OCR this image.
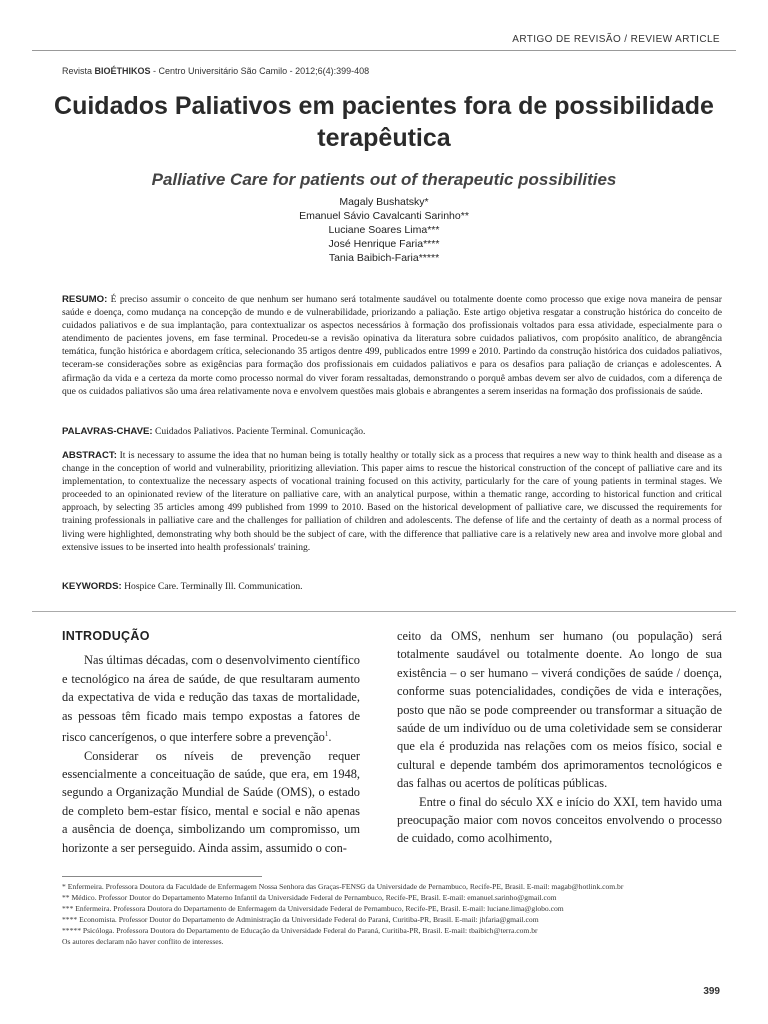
ARTIGO DE REVISÃO / REVIEW ARTICLE
Revista BIOÉTHIKOS - Centro Universitário São Camilo - 2012;6(4):399-408
Cuidados Paliativos em pacientes fora de possibilidade terapêutica
Palliative Care for patients out of therapeutic possibilities
Magaly Bushatsky*
Emanuel Sávio Cavalcanti Sarinho**
Luciane Soares Lima***
José Henrique Faria****
Tania Baibich-Faria*****
RESUMO: É preciso assumir o conceito de que nenhum ser humano será totalmente saudável ou totalmente doente como processo que exige nova maneira de pensar saúde e doença, como mudança na concepção de mundo e de vulnerabilidade, priorizando a paliação. Este artigo objetiva resgatar a construção histórica do conceito de cuidados paliativos e de sua implantação, para contextualizar os aspectos necessários à formação dos profissionais voltados para essa atividade, especialmente para o atendimento de pacientes jovens, em fase terminal. Procedeu-se a revisão opinativa da literatura sobre cuidados paliativos, com propósito analítico, de abrangência temática, função histórica e abordagem crítica, selecionando 35 artigos dentre 499, publicados entre 1999 e 2010. Partindo da construção histórica dos cuidados paliativos, teceram-se considerações sobre as exigências para formação dos profissionais em cuidados paliativos e para os desafios para paliação de crianças e adolescentes. A afirmação da vida e a certeza da morte como processo normal do viver foram ressaltadas, demonstrando o porquê ambas devem ser alvo de cuidados, com a diferença de que os cuidados paliativos são uma área relativamente nova e envolvem questões mais globais e abrangentes a serem inseridas na formação dos profissionais de saúde.
PALAVRAS-CHAVE: Cuidados Paliativos. Paciente Terminal. Comunicação.
ABSTRACT: It is necessary to assume the idea that no human being is totally healthy or totally sick as a process that requires a new way to think health and disease as a change in the conception of world and vulnerability, prioritizing alleviation. This paper aims to rescue the historical construction of the concept of palliative care and its implementation, to contextualize the necessary aspects of vocational training focused on this activity, particularly for the care of young patients in terminal stages. We proceeded to an opinionated review of the literature on palliative care, with an analytical purpose, within a thematic range, according to historical function and critical approach, by selecting 35 articles among 499 published from 1999 to 2010. Based on the historical development of palliative care, we discussed the requirements for training professionals in palliative care and the challenges for palliation of children and adolescents. The defense of life and the certainty of death as a normal process of living were highlighted, demonstrating why both should be the subject of care, with the difference that palliative care is a relatively new area and involve more global and extensive issues to be inserted into health professionals' training.
KEYWORDS: Hospice Care. Terminally Ill. Communication.
INTRODUÇÃO

Nas últimas décadas, com o desenvolvimento científico e tecnológico na área de saúde, de que resultaram aumento da expectativa de vida e redução das taxas de mortalidade, as pessoas têm ficado mais tempo expostas a fatores de risco cancerígenos, o que interfere sobre a prevenção$^1$.

Considerar os níveis de prevenção requer essencialmente a conceituação de saúde, que era, em 1948, segundo a Organização Mundial de Saúde (OMS), o estado de completo bem-estar físico, mental e social e não apenas a ausência de doença, simbolizando um compromisso, um horizonte a ser perseguido. Ainda assim, assumido o con-

ceito da OMS, nenhum ser humano (ou população) será totalmente saudável ou totalmente doente. Ao longo de sua existência – o ser humano – viverá condições de saúde / doença, conforme suas potencialidades, condições de vida e interações, posto que não se pode compreender ou transformar a situação de saúde de um indivíduo ou de uma coletividade sem se considerar que ela é produzida nas relações com os meios físico, social e cultural e depende também dos aprimoramentos tecnológicos e das falhas ou acertos de políticas públicas.

Entre o final do século XX e início do XXI, tem havido uma preocupação maior com novos conceitos envolvendo o processo de cuidado, como acolhimento,

* Enfermeira. Professora Doutora da Faculdade de Enfermagem Nossa Senhora das Graças-FENSG da Universidade de Pernambuco, Recife-PE, Brasil. E-mail: magab@hotlink.com.br
** Médico. Professor Doutor do Departamento Materno Infantil da Universidade Federal de Pernambuco, Recife-PE, Brasil. E-mail: emanuel.sarinho@gmail.com
*** Enfermeira. Professora Doutora do Departamento de Enfermagem da Universidade Federal de Pernambuco, Recife-PE, Brasil. E-mail: luciane.lima@globo.com
**** Economista. Professor Doutor do Departamento de Administração da Universidade Federal do Paraná, Curitiba-PR, Brasil. E-mail: jhfaria@gmail.com
***** Psicóloga. Professora Doutora do Departamento de Educação da Universidade Federal do Paraná, Curitiba-PR, Brasil. E-mail: tbaibich@terra.com.br
Os autores declaram não haver conflito de interesses.
399
